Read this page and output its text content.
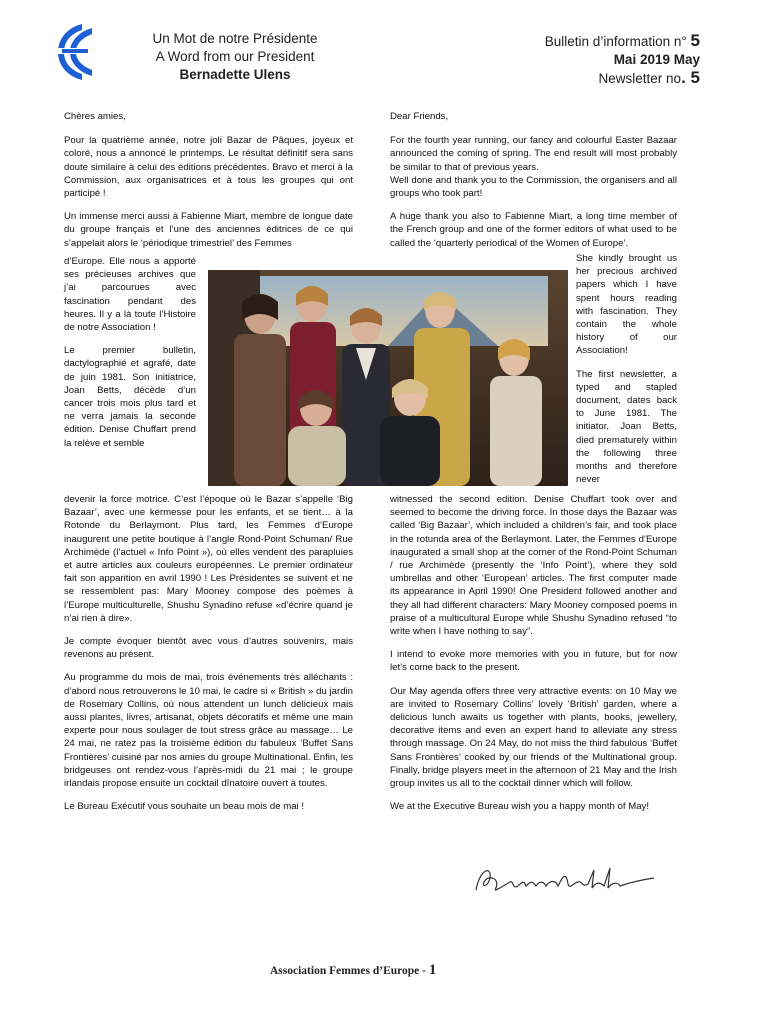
Un Mot de notre Présidente
A Word from our President
Bernadette Ulens
Bulletin d’information n° 5
Mai 2019 May
Newsletter no. 5

Chères amies,

Pour la quatrième année, notre joli Bazar de Pâques, joyeux et coloré, nous a annoncé le printemps. Le résultat définitif sera sans doute similaire à celui des éditions précédentes. Bravo et merci à la Commission, aux organisatrices et à tous les groupes qui ont participé !

Un immense merci aussi à Fabienne Miart, membre de longue date du groupe français et l’une des anciennes éditrices de ce qui s’appelait alors le ‘périodique trimestriel’ des Femmes

d’Europe. Elle nous a apporté ses précieuses archives que j’ai parcourues avec fascination pendant des heures. Il y a là toute l’Histoire de notre Association !

Le premier bulletin, dactylographié et agrafé, date de juin 1981. Son initiatrice, Joan Betts, décède d’un cancer trois mois plus tard et ne verra jamais la seconde édition. Denise Chuffart prend la relève et semble

devenir la force motrice. C’est l’époque où le Bazar s’appelle ‘Big Bazaar’, avec une kermesse pour les enfants, et se tient… à la Rotonde du Berlaymont. Plus tard, les Femmes d’Europe inaugurent une petite boutique à l’angle Rond-Point Schuman/ Rue Archimède (l’actuel « Info Point »), où elles vendent des parapluies et autre articles aux couleurs européennes. Le premier ordinateur fait son apparition en avril 1990 ! Les Présidentes se suivent et ne se ressemblent pas: Mary Mooney compose des poèmes à l’Europe multiculturelle, Shushu Synadino refuse «d’écrire quand je n’ai rien à dire».

Je compte évoquer bientôt avec vous d’autres souvenirs, mais revenons au présent.

Au programme du mois de mai, trois événements très alléchants : d’abord nous retrouverons le 10 mai, le cadre si « British » du jardin de Rosemary Collins, où nous attendent un lunch délicieux mais aussi plantes, livres, artisanat, objets décoratifs et même une main experte pour nous soulager de tout stress grâce au massage… Le 24 mai, ne ratez pas la troisième édition du fabuleux ‘Buffet Sans Frontières’ cuisiné par nos amies du groupe Multinational. Enfin, les bridgeuses ont rendez-vous l’après-midi du 21 mai ; le groupe irlandais propose ensuite un cocktail dînatoire ouvert à toutes.

Le Bureau Exécutif vous souhaite un beau mois de mai !

Dear Friends,

For the fourth year running, our fancy and colourful Easter Bazaar announced the coming of spring. The end result will most probably be similar to that of previous years.

Well done and thank you to the Commission, the organisers and all groups who took part!

A huge thank you also to Fabienne Miart, a long time member of the French group and one of the former editors of what used to be called the ‘quarterly periodical of the Women of Europe’.

She kindly brought us her precious archived papers which I have spent hours reading with fascination. They contain the whole history of our Association!

The first newsletter, a typed and stapled document, dates back to June 1981. The initiator, Joan Betts, died prematurely within the following three months and therefore never

witnessed the second edition. Denise Chuffart took over and seemed to become the driving force. In those days the Bazaar was called ‘Big Bazaar’, which included a children’s fair, and took place in the rotunda area of the Berlaymont. Later, the Femmes d’Europe inaugurated a small shop at the corner of the Rond-Point Schuman / rue Archimède (presently the ‘Info Point’), where they sold umbrellas and other ‘European’ articles. The first computer made its appearance in April 1990! One President followed another and they all had different characters: Mary Mooney composed poems in praise of a multicultural Europe while Shushu Synadino refused “to write when I have nothing to say”.

I intend to evoke more memories with you in future, but for now let’s come back to the present.

Our May agenda offers three very attractive events: on 10 May we are invited to Rosemary Collins’ lovely ‘British’ garden, where a delicious lunch awaits us together with plants, books, jewellery, decorative items and even an expert hand to alleviate any stress through massage. On 24 May, do not miss the third fabulous ‘Buffet Sans Frontières’ cooked by our friends of the Multinational group. Finally, bridge players meet in the afternoon of 21 May and the Irish group invites us all to the cocktail dinner which will follow.

We at the Executive Bureau wish you a happy month of May!

Association Femmes d’Europe - 1
